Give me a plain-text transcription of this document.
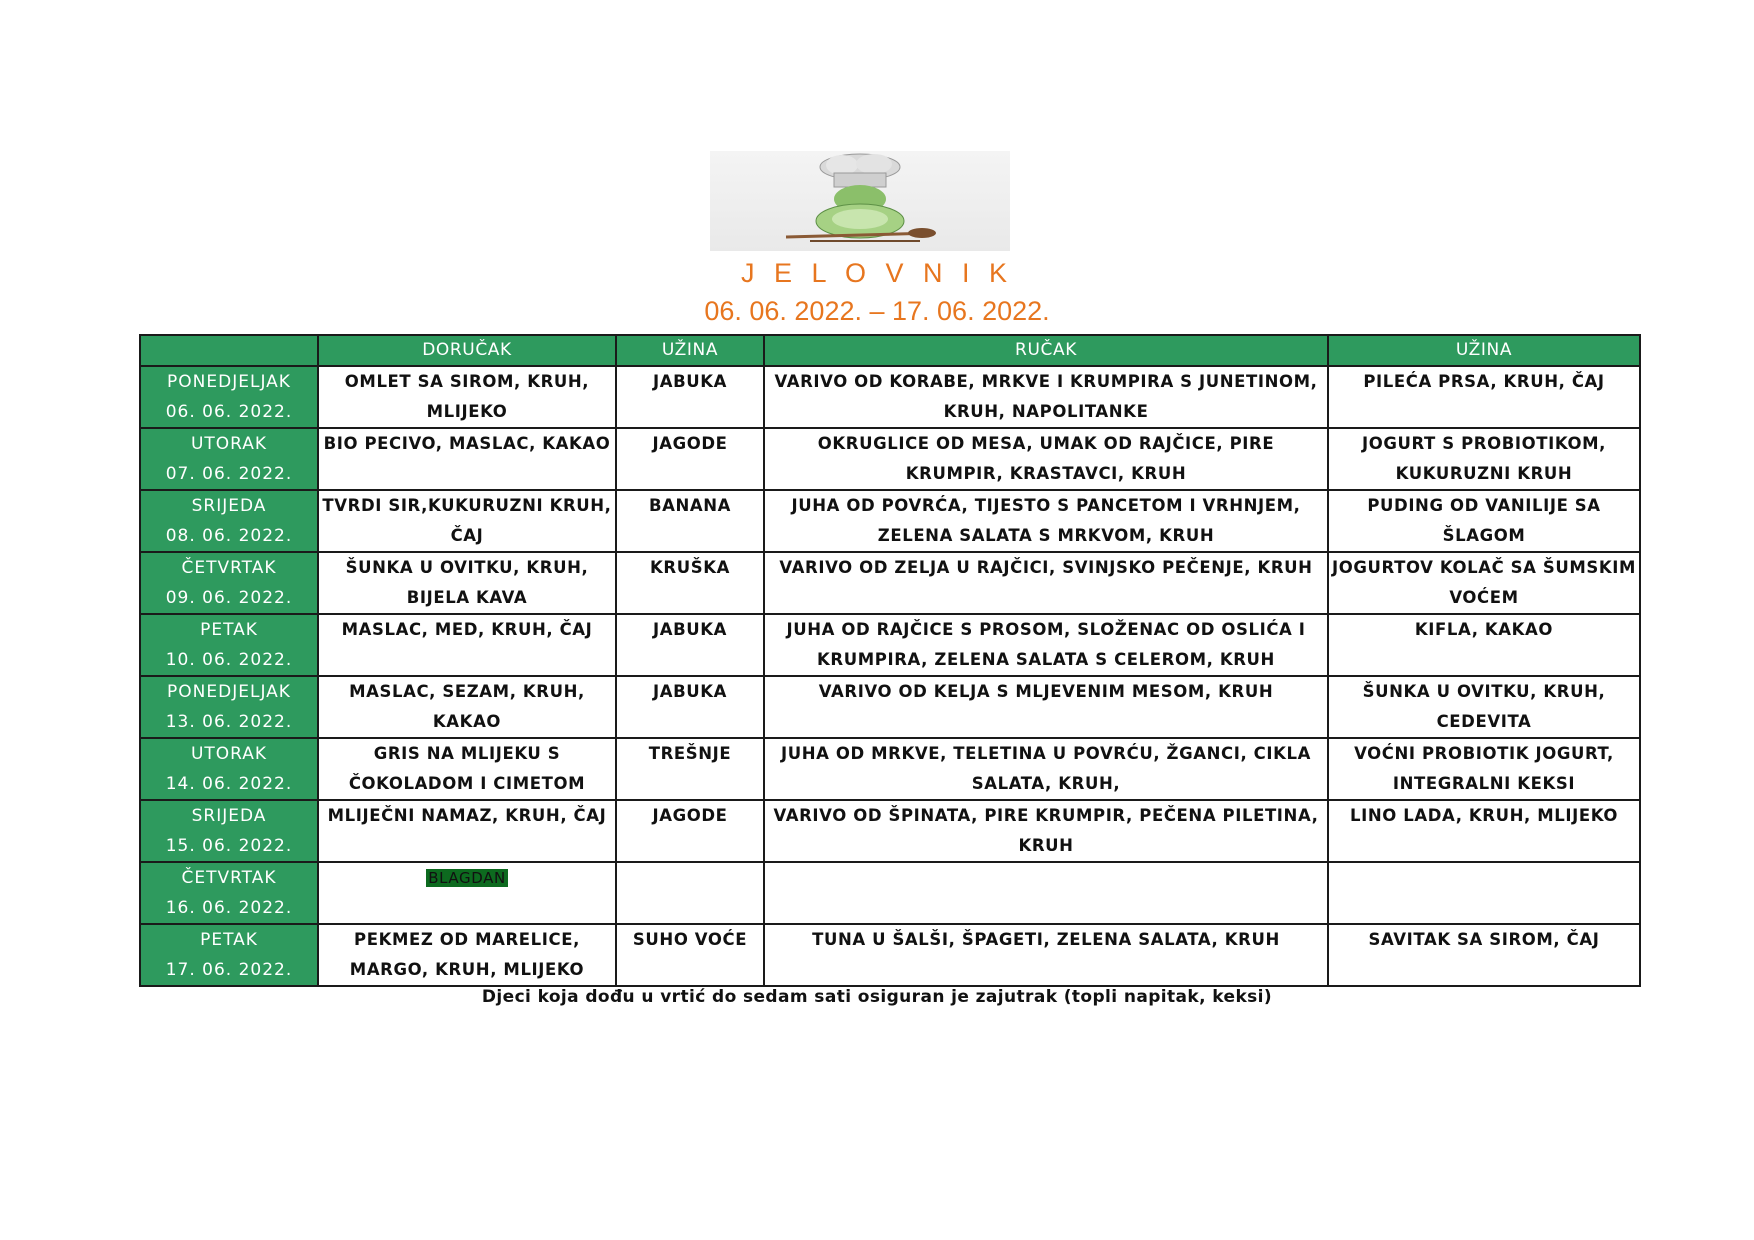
J E L O V N I K
06. 06. 2022. – 17. 06. 2022.
	DORUČAK	UŽINA	RUČAK	UŽINA

PONEDJELJAK
06. 06. 2022.	OMLET SA SIROM, KRUH, MLIJEKO	JABUKA	VARIVO OD KORABE, MRKVE I KRUMPIRA S JUNETINOM, KRUH, NAPOLITANKE	PILEĆA PRSA, KRUH, ČAJ

UTORAK
07. 06. 2022.	BIO PECIVO, MASLAC, KAKAO	JAGODE	OKRUGLICE OD MESA, UMAK OD RAJČICE, PIRE KRUMPIR, KRASTAVCI, KRUH	JOGURT S PROBIOTIKOM, KUKURUZNI KRUH

SRIJEDA
08. 06. 2022.	TVRDI SIR,KUKURUZNI KRUH, ČAJ	BANANA	JUHA OD POVRĆA, TIJESTO S PANCETOM I VRHNJEM, ZELENA SALATA S MRKVOM, KRUH	PUDING OD VANILIJE SA ŠLAGOM

ČETVRTAK
09. 06. 2022.	ŠUNKA U OVITKU, KRUH, BIJELA KAVA	KRUŠKA	VARIVO OD ZELJA U RAJČICI, SVINJSKO PEČENJE, KRUH	JOGURTOV KOLAČ SA ŠUMSKIM VOĆEM

PETAK
10. 06. 2022.	MASLAC, MED, KRUH, ČAJ	JABUKA	JUHA OD RAJČICE S PROSOM, SLOŽENAC OD OSLIĆA I KRUMPIRA, ZELENA SALATA S CELEROM, KRUH	KIFLA, KAKAO

PONEDJELJAK
13. 06. 2022.	MASLAC, SEZAM, KRUH, KAKAO	JABUKA	VARIVO OD KELJA S MLJEVENIM MESOM, KRUH	ŠUNKA U OVITKU, KRUH, CEDEVITA

UTORAK
14. 06. 2022.	GRIS NA MLIJEKU S ČOKOLADOM I CIMETOM	TREŠNJE	JUHA OD MRKVE, TELETINA U POVRĆU, ŽGANCI, CIKLA SALATA, KRUH,	VOĆNI PROBIOTIK JOGURT, INTEGRALNI KEKSI

SRIJEDA
15. 06. 2022.	MLIJEČNI NAMAZ, KRUH, ČAJ	JAGODE	VARIVO OD ŠPINATA, PIRE KRUMPIR, PEČENA PILETINA, KRUH	LINO LADA, KRUH, MLIJEKO

ČETVRTAK
16. 06. 2022.	BLAGDAN			

PETAK
17. 06. 2022.	PEKMEZ OD MARELICE, MARGO, KRUH, MLIJEKO	SUHO VOĆE	TUNA U ŠALŠI, ŠPAGETI, ZELENA SALATA, KRUH	SAVITAK SA SIROM, ČAJ
Djeci koja dođu u vrtić do sedam sati osiguran je zajutrak (topli napitak, keksi)
